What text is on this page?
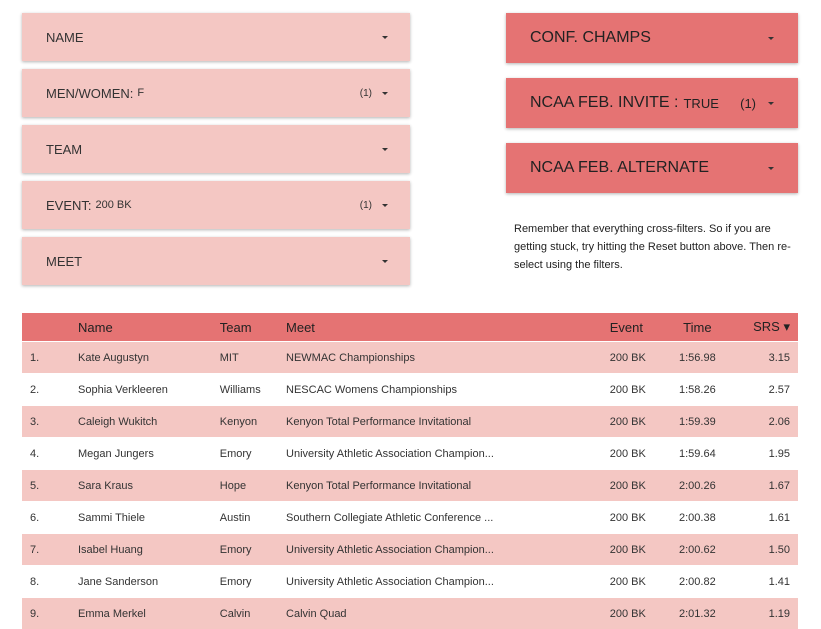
Remember that everything cross-filters. So if you are getting stuck, try hitting the Reset button above. Then re-select using the filters.
	Name	Team	Meet	Event	Time	SRS ▾
1.	Kate Augustyn	MIT	NEWMAC Championships	200 BK	1:56.98	3.15
2.	Sophia Verkleeren	Williams	NESCAC Womens Championships	200 BK	1:58.26	2.57
3.	Caleigh Wukitch	Kenyon	Kenyon Total Performance Invitational	200 BK	1:59.39	2.06
4.	Megan Jungers	Emory	University Athletic Association Champion...	200 BK	1:59.64	1.95
5.	Sara Kraus	Hope	Kenyon Total Performance Invitational	200 BK	2:00.26	1.67
6.	Sammi Thiele	Austin	Southern Collegiate Athletic Conference ...	200 BK	2:00.38	1.61
7.	Isabel Huang	Emory	University Athletic Association Champion...	200 BK	2:00.62	1.50
8.	Jane Sanderson	Emory	University Athletic Association Champion...	200 BK	2:00.82	1.41
9.	Emma Merkel	Calvin	Calvin Quad	200 BK	2:01.32	1.19
NAME
MEN/WOMEN: F	(1)
TEAM
EVENT: 200 BK	(1)
MEET
CONF. CHAMPS
NCAA FEB. INVITE : TRUE (1)
NCAA FEB. ALTERNATE
